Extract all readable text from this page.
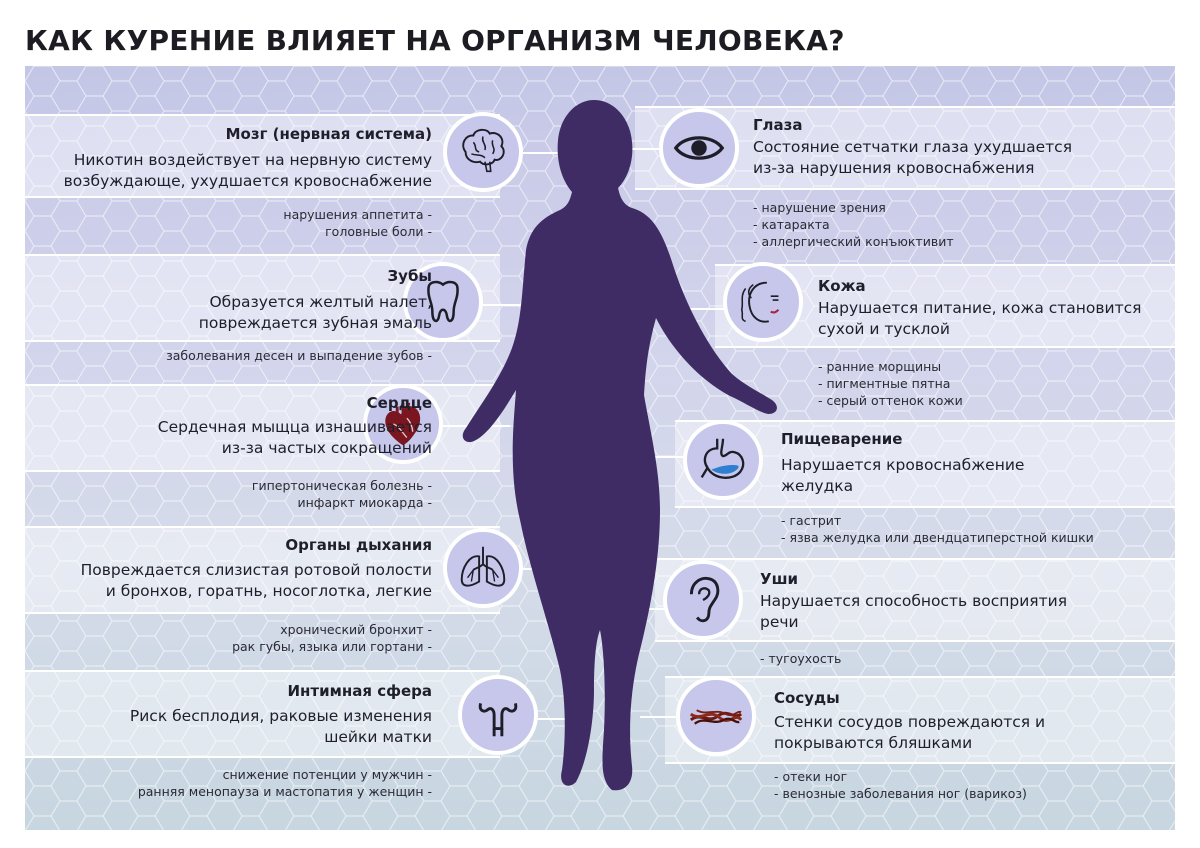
КАК КУРЕНИЕ ВЛИЯЕТ НА ОРГАНИЗМ ЧЕЛОВЕКА?
Мозг (нервная система)
Никотин воздействует на нервную систему
возбуждающе, ухудшается кровоснабжение
нарушения аппетита -
головные боли -
Зубы
Образуется желтый налет,
повреждается зубная эмаль
заболевания десен и выпадение зубов -
Сердце
Сердечная мыщца изнашивается
из-за частых сокращений
гипертоническая болезнь -
инфаркт миокарда -
Органы дыхания
Повреждается слизистая ротовой полости
и бронхов, горатнь, носоглотка, легкие
хронический бронхит -
рак губы, языка или гортани -
Интимная сфера
Риск бесплодия, раковые изменения
шейки матки
снижение потенции у мужчин -
ранняя менопауза и мастопатия у женщин -
Глаза
Состояние сетчатки глаза ухудшается
из-за нарушения кровоснабжения
- нарушение зрения
- катаракта
- аллергический конъюктивит
Кожа
Нарушается питание, кожа становится
сухой и тусклой
- ранние морщины
- пигментные пятна
- серый оттенок кожи
Пищеварение
Нарушается кровоснабжение
желудка
- гастрит
- язва желудка или двендцатиперстной кишки
Уши
Нарушается способность восприятия
речи
- тугоухость
Сосуды
Стенки сосудов повреждаются и
покрываются бляшками
- отеки ног
- венозные заболевания ног (варикоз)
